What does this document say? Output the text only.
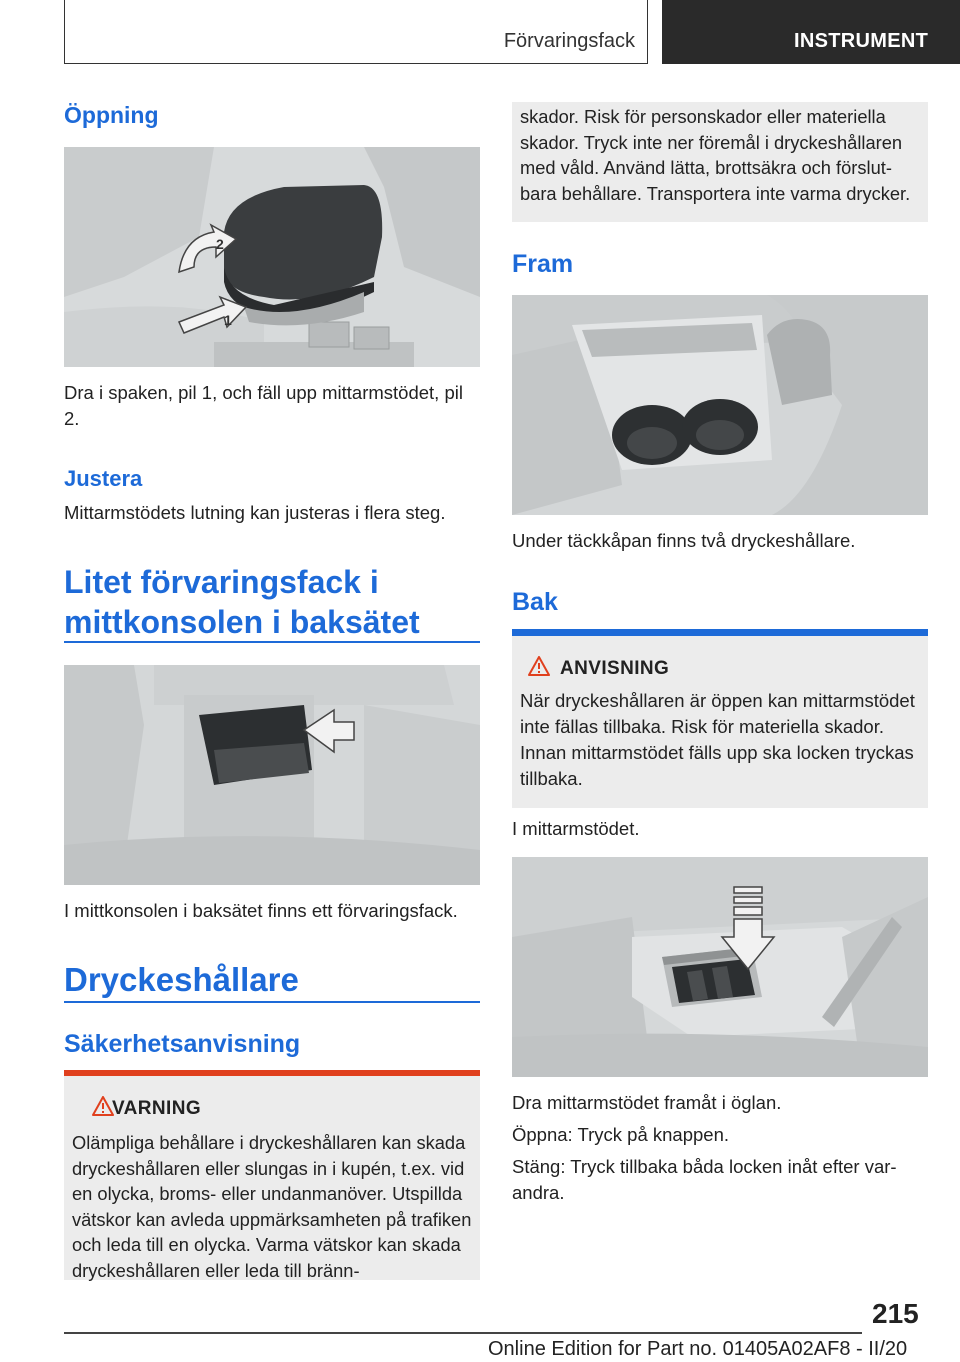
Förvaringsfack	INSTRUMENT
Öppning
1
2
Dra i spaken, pil 1, och fäll upp mittarmstödet, pil 2.
Justera
Mittarmstödets lutning kan justeras i flera steg.
Litet förvaringsfack i
mittkonsolen i baksätet
I mittkonsolen i baksätet finns ett förvaringsfack.
Dryckeshållare
Säkerhetsanvisning
VARNING
Olämpliga behållare i dryckeshållaren kan skada dryckeshållaren eller slungas in i kupén, t.ex. vid en olycka, broms- eller undanmanöver. Utspillda vätskor kan avleda uppmärksamheten på trafiken och leda till en olycka. Varma vätskor kan skada dryckeshållaren eller leda till bränn-
skador. Risk för personskador eller materiella skador. Tryck inte ner föremål i dryckeshållaren med våld. Använd lätta, brottsäkra och förslutbara behållare. Transportera inte varma drycker.
Fram
Under täckkåpan finns två dryckeshållare.
Bak
ANVISNING
När dryckeshållaren är öppen kan mittarmstödet inte fällas tillbaka. Risk för materiella skador. Innan mittarmstödet fälls upp ska locken tryckas tillbaka.
I mittarmstödet.
Dra mittarmstödet framåt i öglan.
Öppna: Tryck på knappen.
Stäng: Tryck tillbaka båda locken inåt efter varandra.
215
Online Edition for Part no. 01405A02AF8 - II/20
